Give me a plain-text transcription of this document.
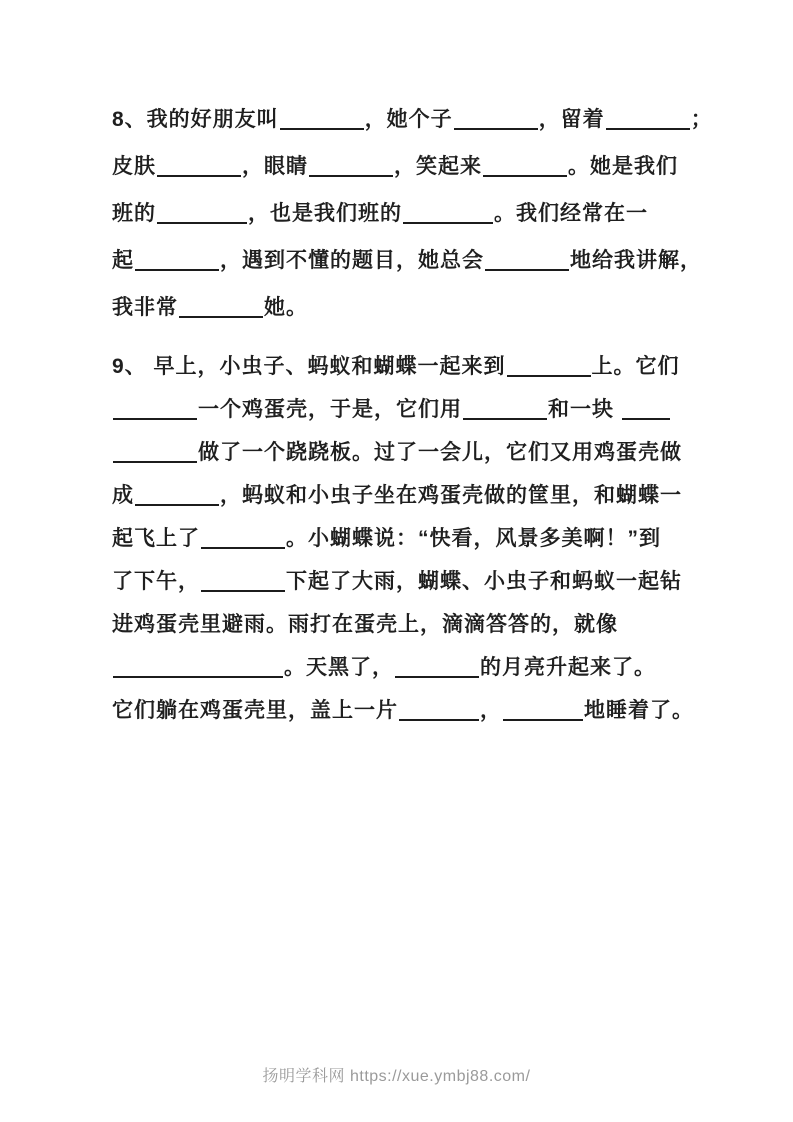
8、我的好朋友叫	，她个子	，留着	；
皮肤	，眼睛	，笑起来	。她是我们
班的	，也是我们班的	。我们经常在一
起	，遇到不懂的题目，她总会	地给我讲解，
我非常	她。
9、 早上，小虫子、蚂蚁和蝴蝶一起来到	上。它们
一个鸡蛋壳，于是，它们用	和一块
做了一个跷跷板。过了一会儿，它们又用鸡蛋壳做
成	，蚂蚁和小虫子坐在鸡蛋壳做的筐里，和蝴蝶一
起飞上了	。小蝴蝶说：“快看，风景多美啊！”到
了下午，	下起了大雨，蝴蝶、小虫子和蚂蚁一起钻
进鸡蛋壳里避雨。雨打在蛋壳上，滴滴答答的，就像
。天黑了，	的月亮升起来了。
它们躺在鸡蛋壳里，盖上一片	，	地睡着了。
扬明学科网 https://xue.ymbj88.com/
